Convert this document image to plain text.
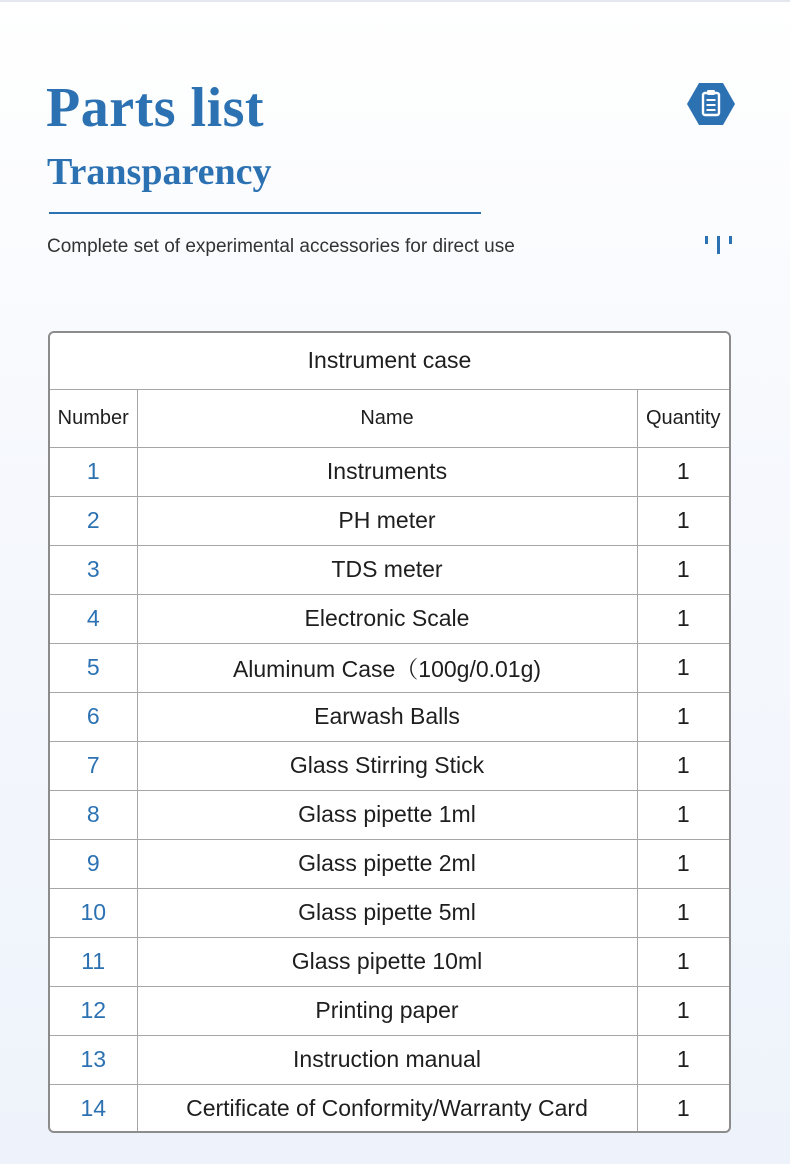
Parts list
Transparency

Complete set of experimental accessories for direct use

Instrument case		
Number	Name	Quantity
1	Instruments	1
2	PH meter	1
3	TDS meter	1
4	Electronic Scale	1
5	Aluminum Case（100g/0.01g)	1
6	Earwash Balls	1
7	Glass Stirring Stick	1
8	Glass pipette 1ml	1
9	Glass pipette 2ml	1
10	Glass pipette 5ml	1
11	Glass pipette 10ml	1
12	Printing paper	1
13	Instruction manual	1
14	Certificate of Conformity/Warranty Card	1
